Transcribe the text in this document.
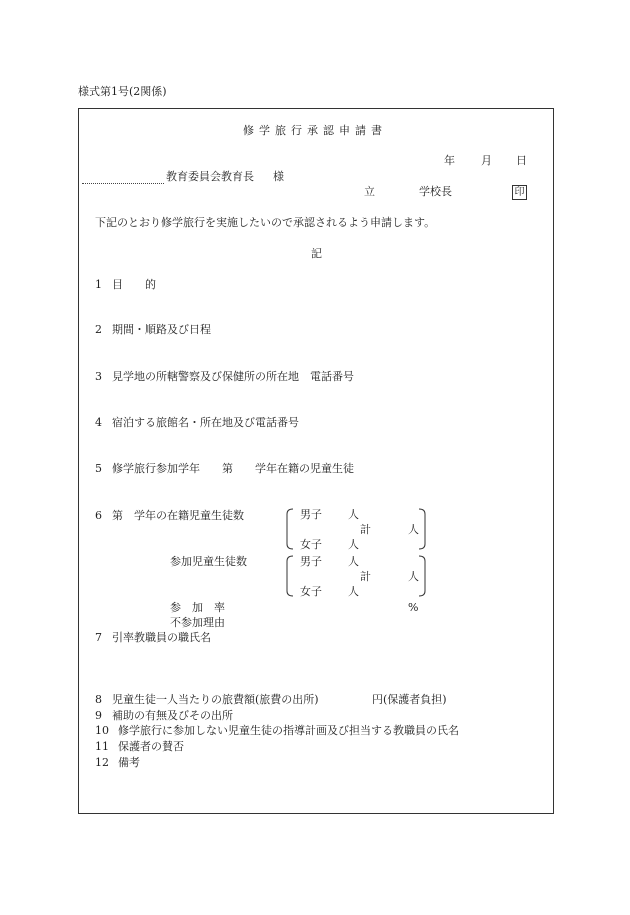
様式第1号(2関係)
修学旅行承認申請書
年 月 日
教育委員会教育長 様
立	学校長	印
下記のとおり修学旅行を実施したいので承認されるよう申請します。
記
1 目　　的
2 期間・順路及び日程
3 見学地の所轄警察及び保健所の所在地　電話番号
4 宿泊する旅館名・所在地及び電話番号
5 修学旅行参加学年　　第　　学年在籍の児童生徒
6 第　学年の在籍児童生徒数	男子 人
計	人
女子 人
参加児童生徒数	男子 人
計	人
女子 人
参　加　率	%
不参加理由
7 引率教職員の職氏名
8 児童生徒一人当たりの旅費額(旅費の出所)	円(保護者負担)
9 補助の有無及びその出所
10 修学旅行に参加しない児童生徒の指導計画及び担当する教職員の氏名
11 保護者の賛否
12 備考
